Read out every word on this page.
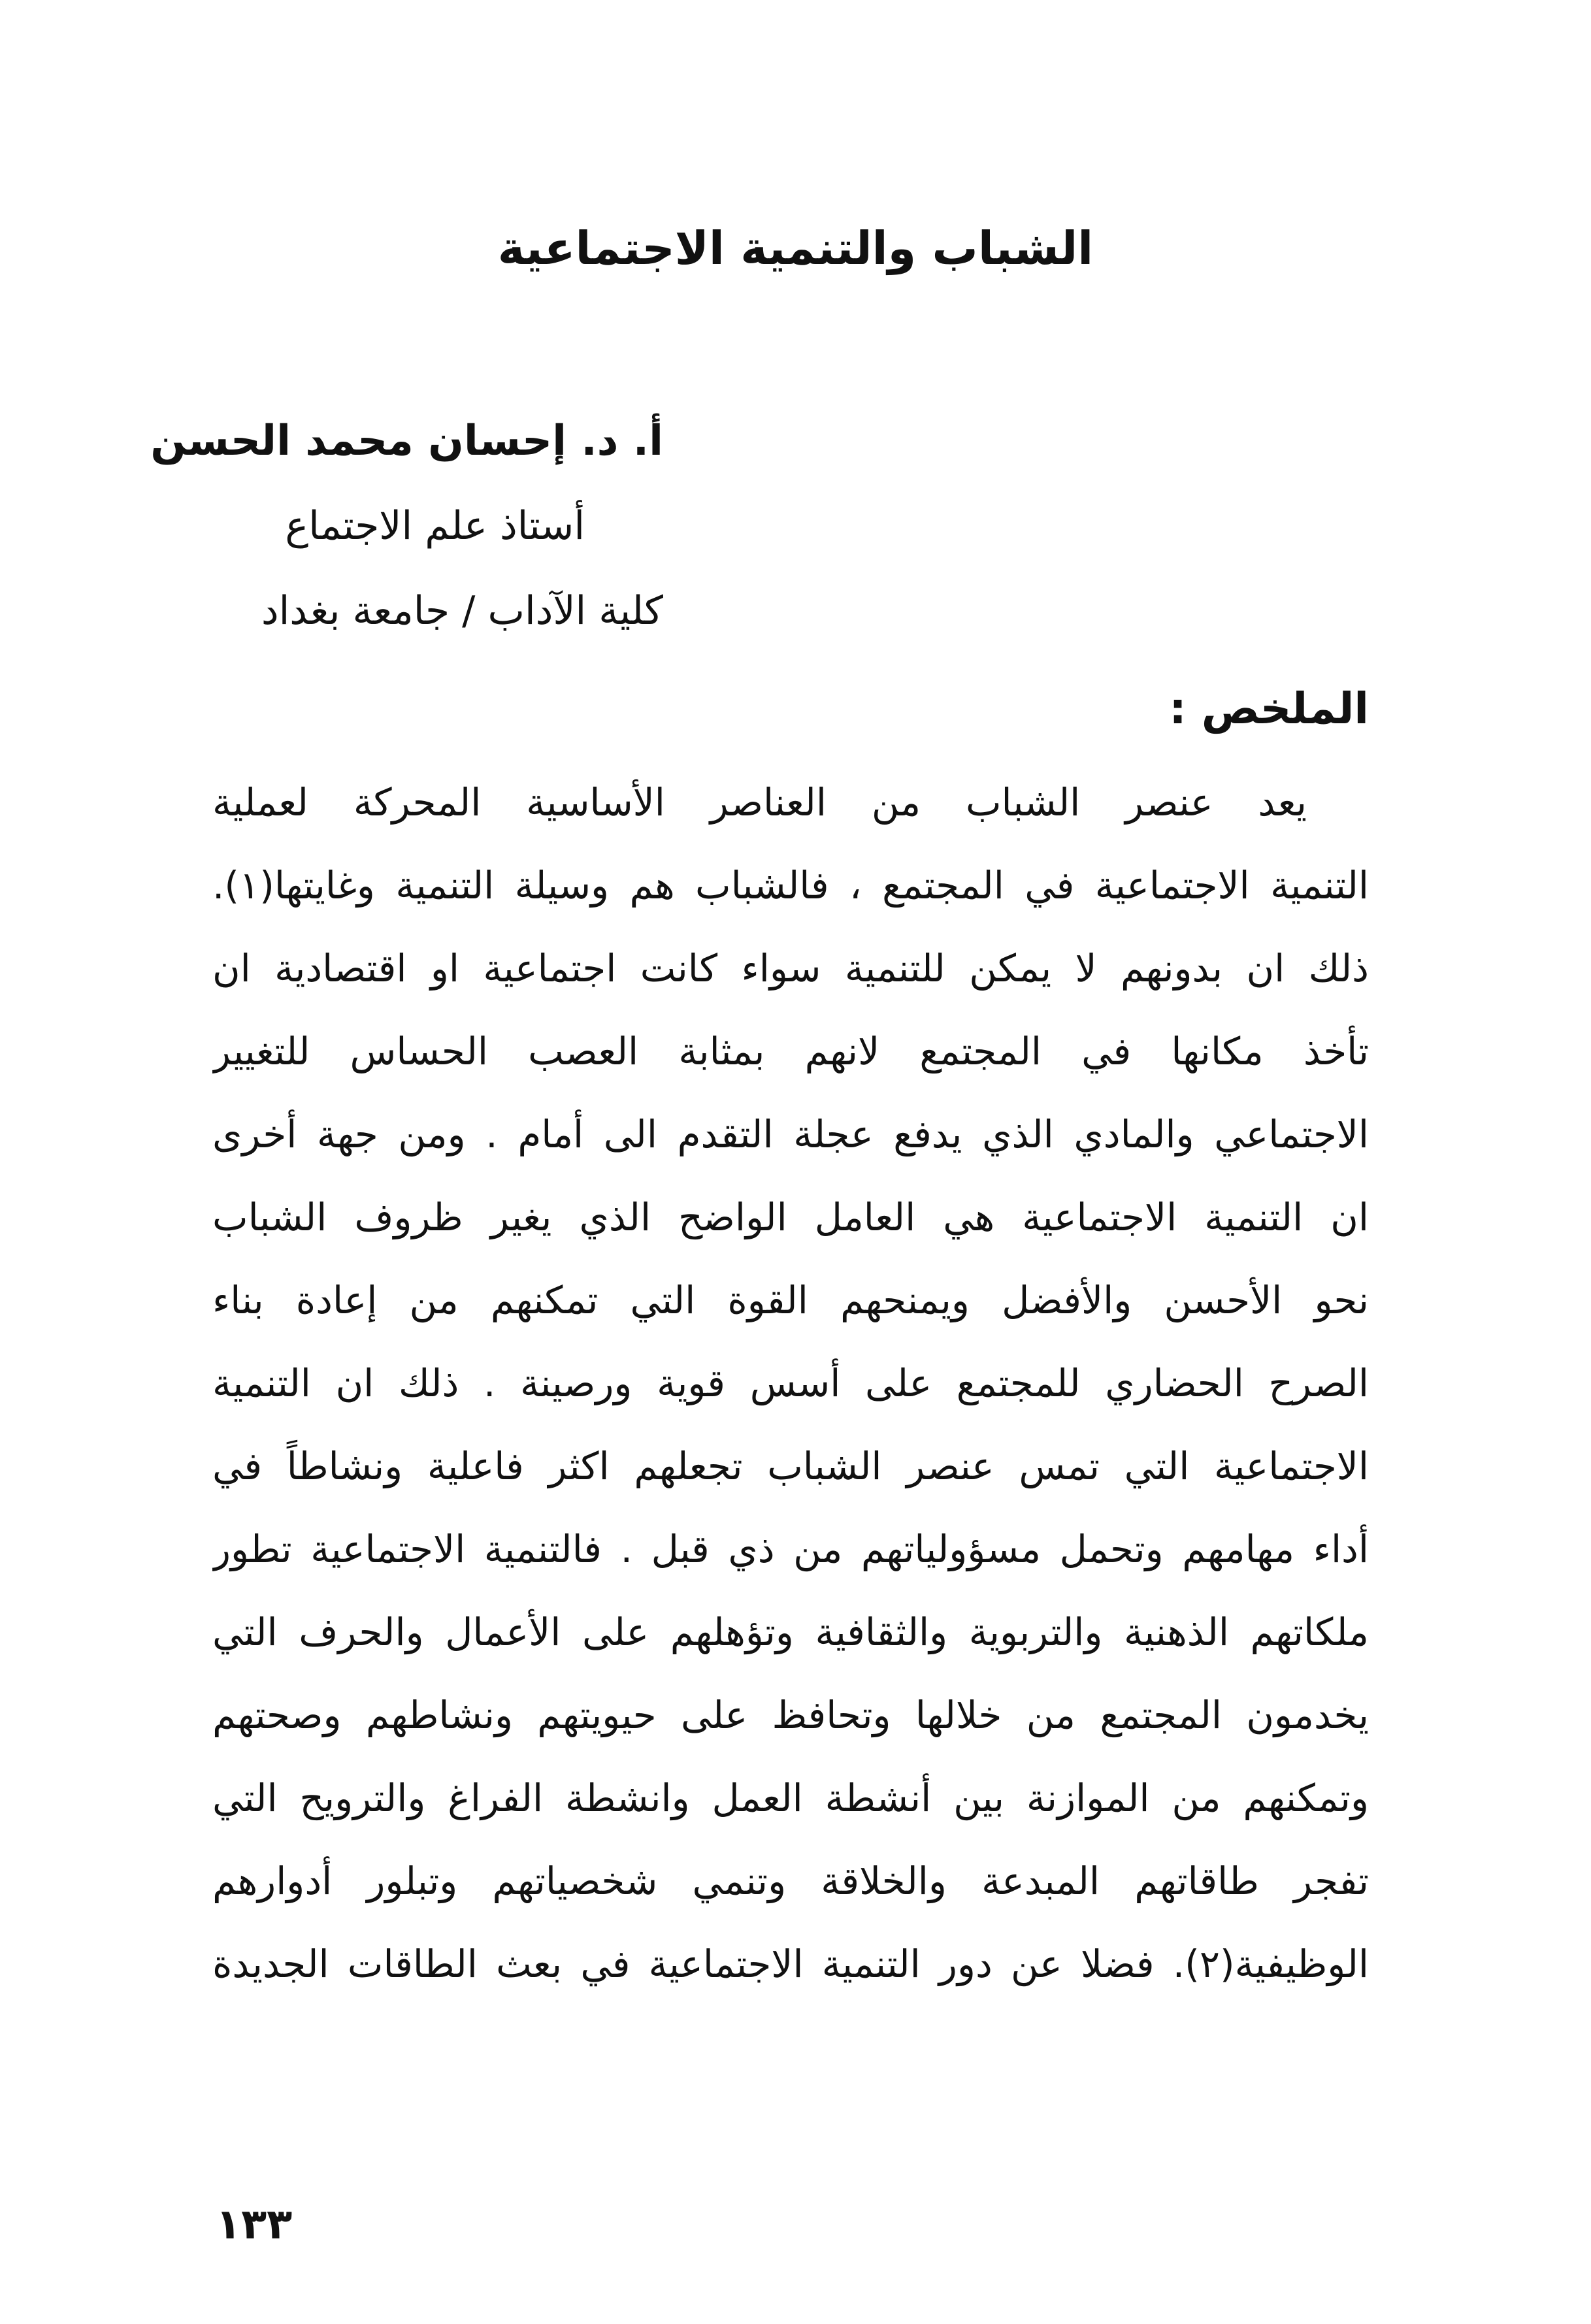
الشباب والتنمية الاجتماعية

أ. د. إحسان محمد الحسن

أستاذ علم الاجتماع

كلية الآداب / جامعة بغداد

الملخص :
يعد عنصر الشباب من العناصر الأساسية المحركة لعملية
التنمية الاجتماعية في المجتمع ، فالشباب هم وسيلة التنمية وغايتها(١).
ذلك ان بدونهم لا يمكن للتنمية سواء كانت اجتماعية او اقتصادية ان
تأخذ مكانها في المجتمع لانهم بمثابة العصب الحساس للتغيير
الاجتماعي والمادي الذي يدفع عجلة التقدم الى أمام . ومن جهة أخرى
ان التنمية الاجتماعية هي العامل الواضح الذي يغير ظروف الشباب
نحو الأحسن والأفضل ويمنحهم القوة التي تمكنهم من إعادة بناء
الصرح الحضاري للمجتمع على أسس قوية ورصينة . ذلك ان التنمية
الاجتماعية التي تمس عنصر الشباب تجعلهم اكثر فاعلية ونشاطاً في
أداء مهامهم وتحمل مسؤولياتهم من ذي قبل . فالتنمية الاجتماعية تطور
ملكاتهم الذهنية والتربوية والثقافية وتؤهلهم على الأعمال والحرف التي
يخدمون المجتمع من خلالها وتحافظ على حيويتهم ونشاطهم وصحتهم
وتمكنهم من الموازنة بين أنشطة العمل وانشطة الفراغ والترويح التي
تفجر طاقاتهم المبدعة والخلاقة وتنمي شخصياتهم وتبلور أدوارهم
الوظيفية(٢). فضلا عن دور التنمية الاجتماعية في بعث الطاقات الجديدة

١٣٣
